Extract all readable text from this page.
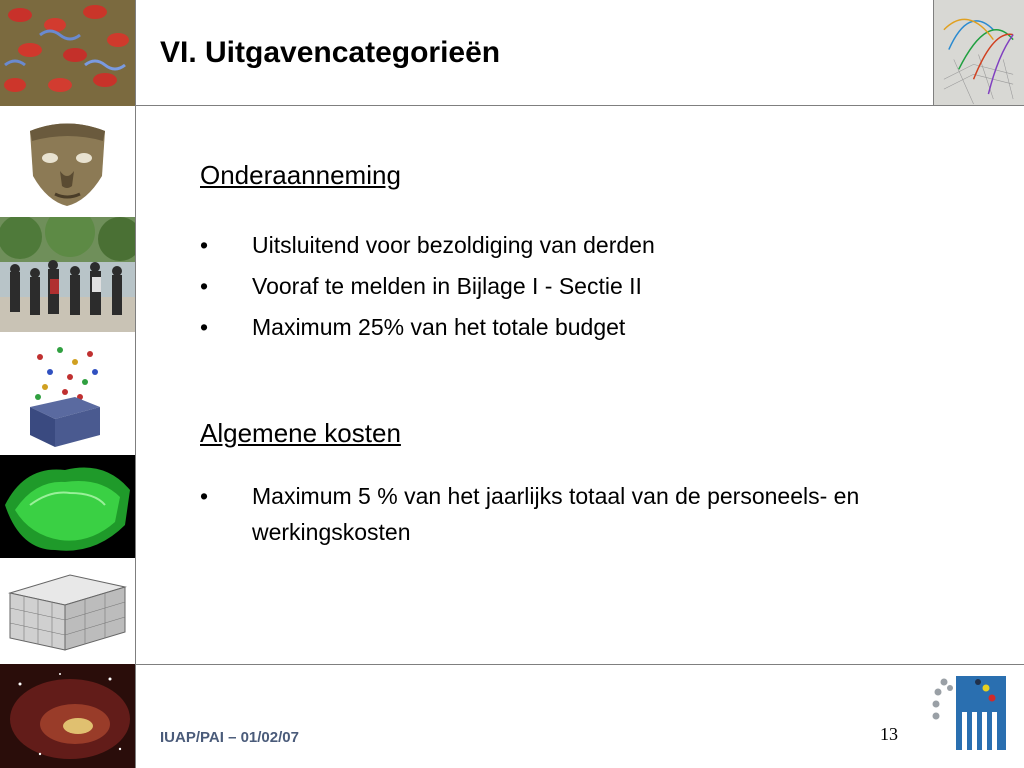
VI. Uitgavencategorieën
Onderaanneming
• Uitsluitend voor bezoldiging van derden
• Vooraf te melden in Bijlage I - Sectie II
• Maximum 25% van het totale budget
Algemene kosten
• Maximum 5 % van het jaarlijks totaal van de personeels- en werkingskosten
IUAP/PAI – 01/02/07	13
